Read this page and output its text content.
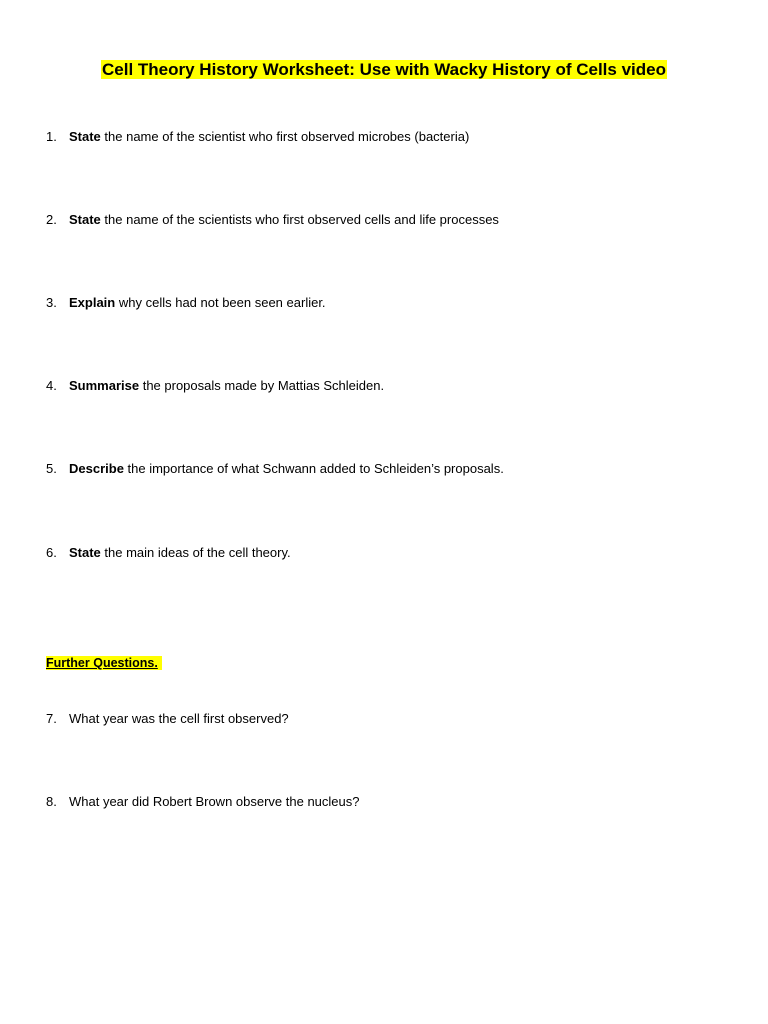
Cell Theory History Worksheet: Use with Wacky History of Cells video
1. State the name of the scientist who first observed microbes (bacteria)
2. State the name of the scientists who first observed cells and life processes
3. Explain why cells had not been seen earlier.
4. Summarise the proposals made by Mattias Schleiden.
5. Describe the importance of what Schwann added to Schleiden’s proposals.
6. State the main ideas of the cell theory.
Further Questions.
7. What year was the cell first observed?
8. What year did Robert Brown observe the nucleus?
